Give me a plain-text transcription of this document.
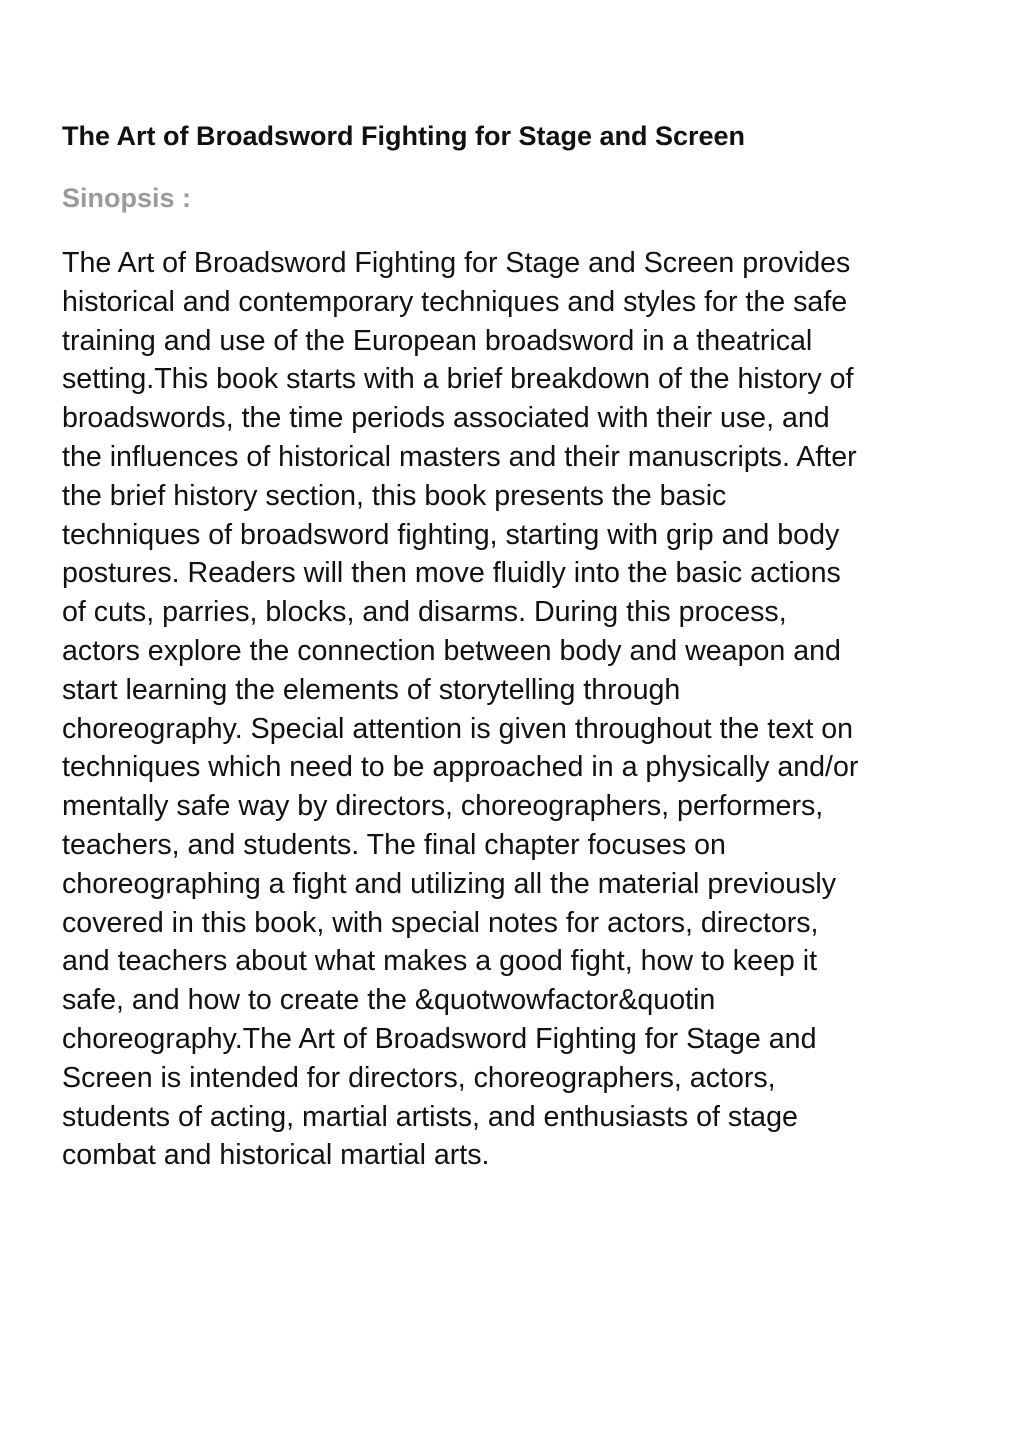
The Art of Broadsword Fighting for Stage and Screen
Sinopsis :

The Art of Broadsword Fighting for Stage and Screen provides
historical and contemporary techniques and styles for the safe
training and use of the European broadsword in a theatrical
setting.This book starts with a brief breakdown of the history of
broadswords, the time periods associated with their use, and
the influences of historical masters and their manuscripts. After
the brief history section, this book presents the basic
techniques of broadsword fighting, starting with grip and body
postures. Readers will then move fluidly into the basic actions
of cuts, parries, blocks, and disarms. During this process,
actors explore the connection between body and weapon and
start learning the elements of storytelling through
choreography. Special attention is given throughout the text on
techniques which need to be approached in a physically and/or
mentally safe way by directors, choreographers, performers,
teachers, and students. The final chapter focuses on
choreographing a fight and utilizing all the material previously
covered in this book, with special notes for actors, directors,
and teachers about what makes a good fight, how to keep it
safe, and how to create the &quotwowfactor&quotin
choreography.The Art of Broadsword Fighting for Stage and
Screen is intended for directors, choreographers, actors,
students of acting, martial artists, and enthusiasts of stage
combat and historical martial arts.
